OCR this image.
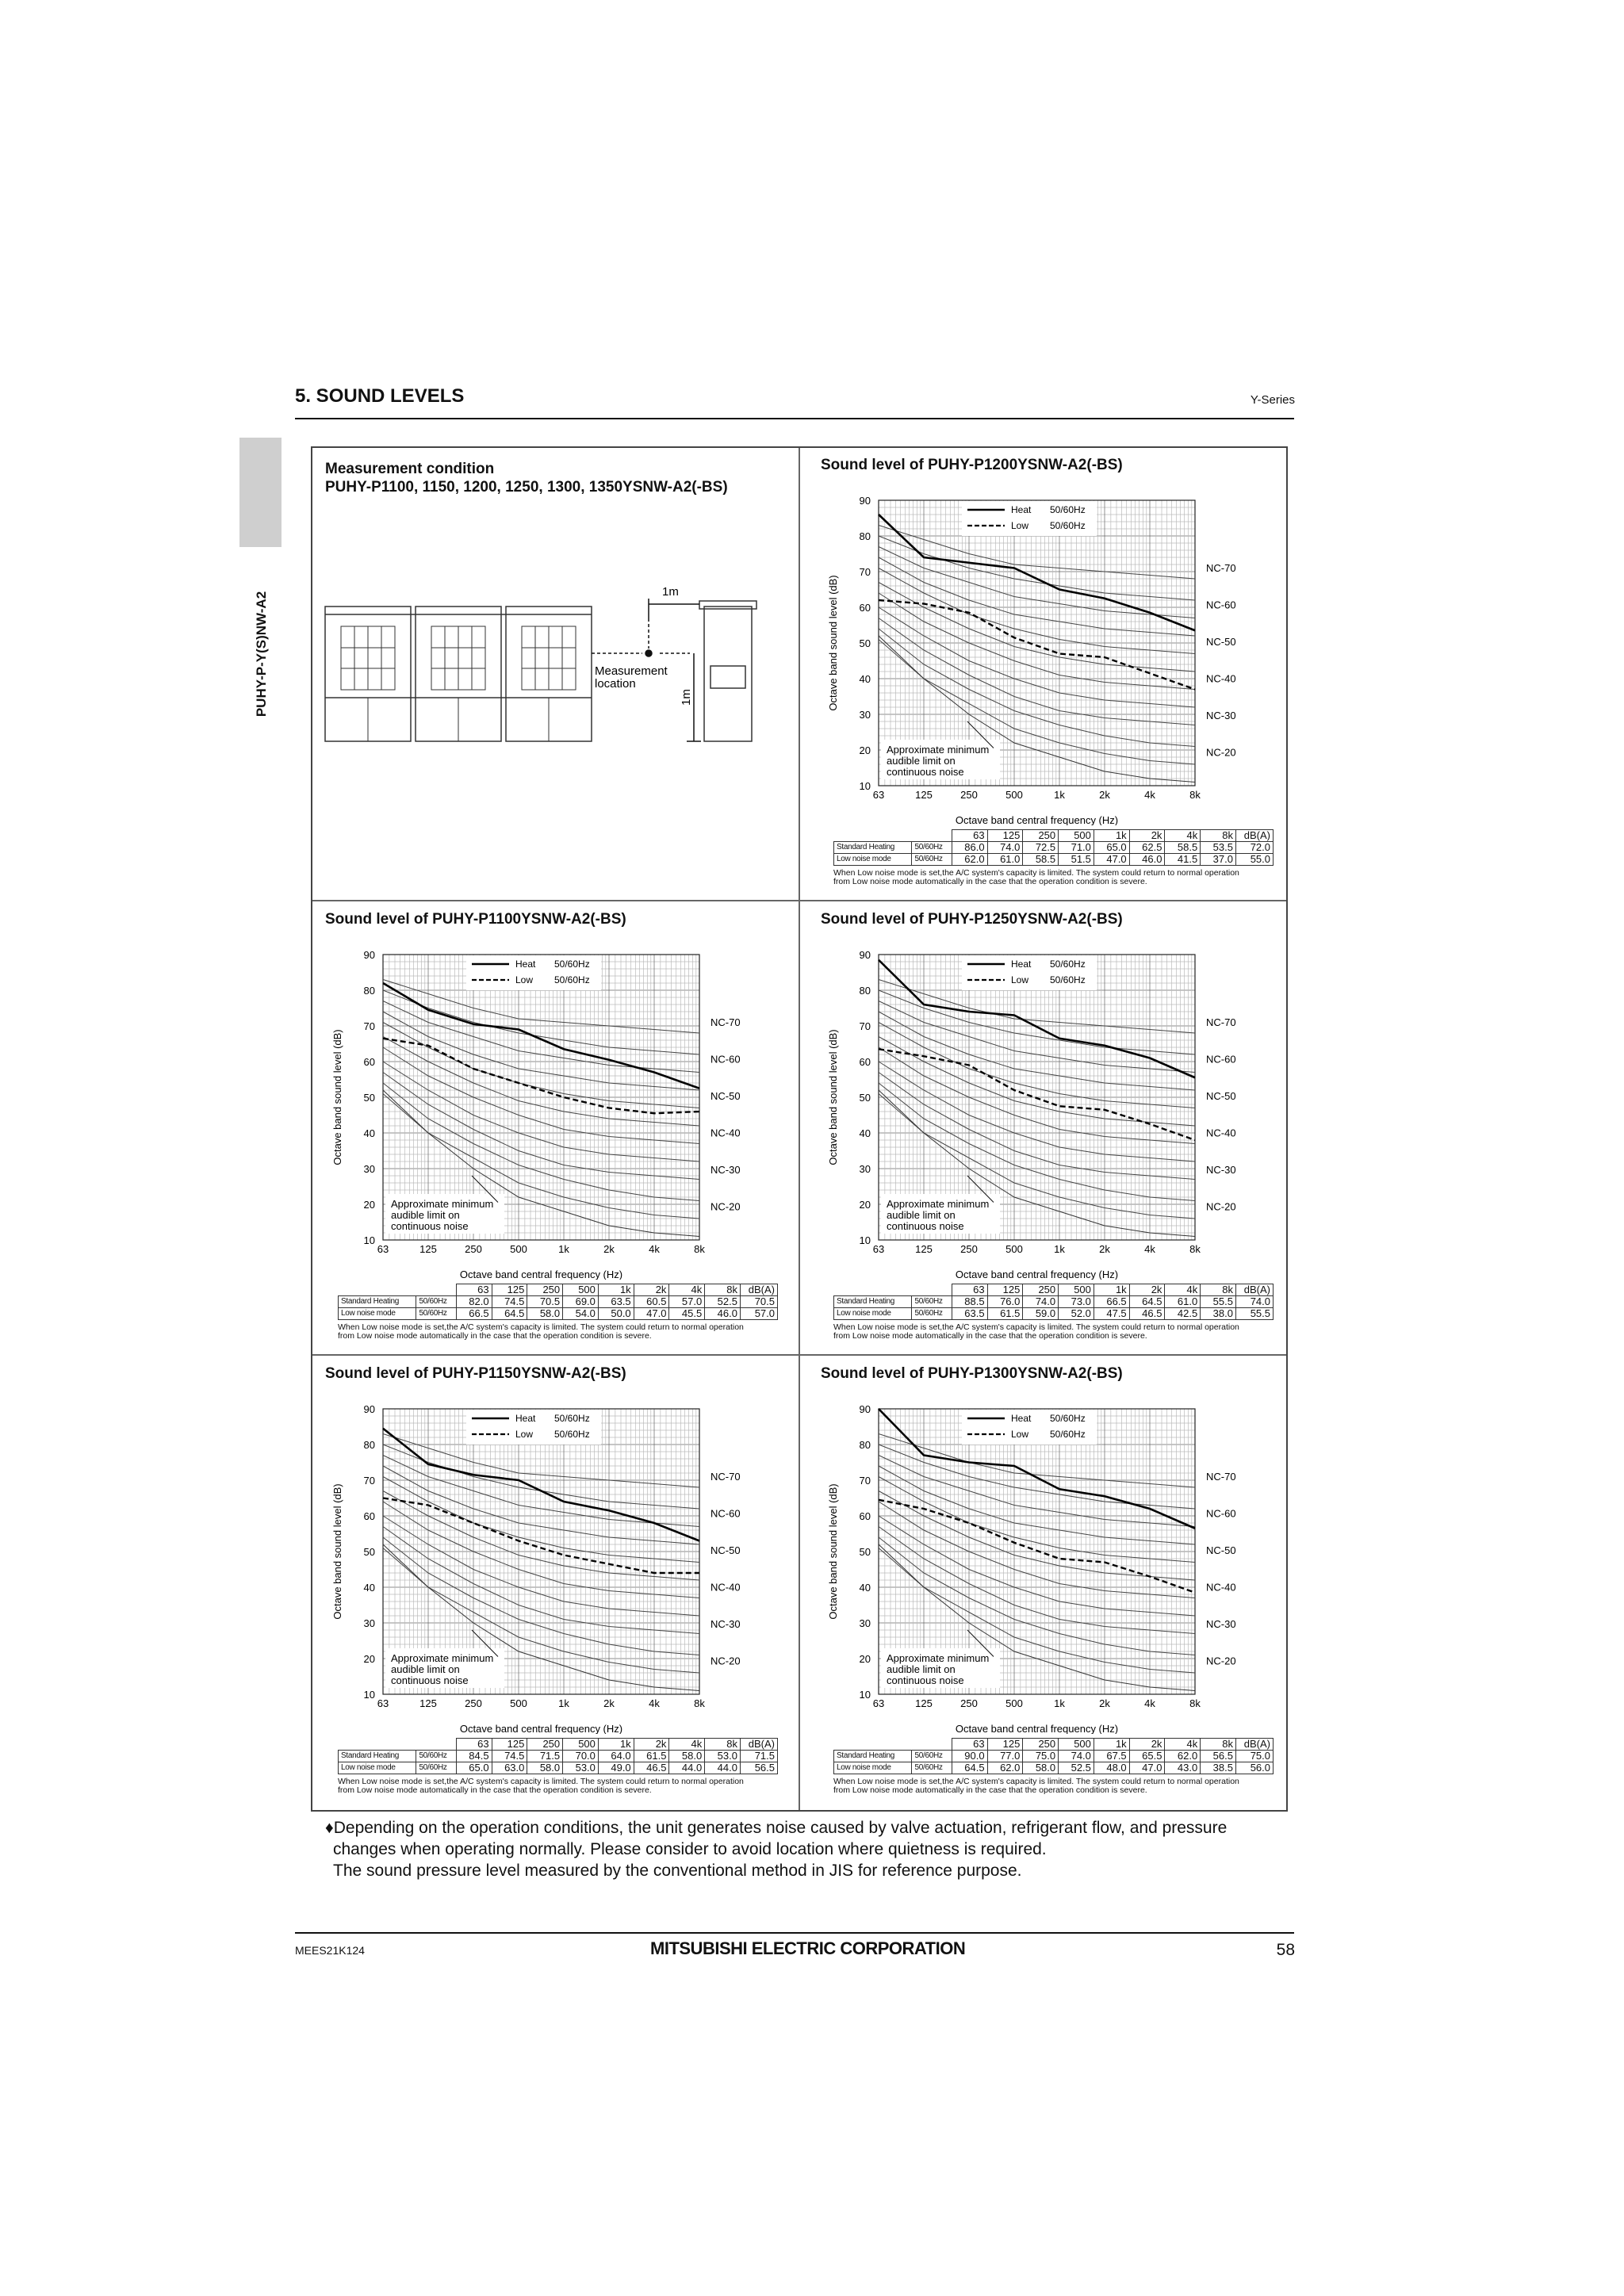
5. SOUND LEVELS	Y-Series
PUHY-P-Y(S)NW-A2
Measurement condition
PUHY-P1100, 1150, 1200, 1250, 1300, 1350YSNW-A2(-BS)
1m
1m
Measurement
location
Sound level of PUHY-P1200YSNW-A2(-BS)
10
20
30
40
50
60
70
80
90
63	125	250	500	1k	2k	4k	8k
Octave band sound level (dB)
Octave band central frequency (Hz)
NC-70
NC-60
NC-50
NC-40
NC-30
NC-20
Heat 50/60Hz
Low 50/60Hz
Approximate minimum
audible limit on
continuous noise
		63	125	250	500	1k	2k	4k	8k	dB(A)
Standard Heating	50/60Hz	86.0	74.0	72.5	71.0	65.0	62.5	58.5	53.5	72.0
Low noise mode	50/60Hz	62.0	61.0	58.5	51.5	47.0	46.0	41.5	37.0	55.0
When Low noise mode is set,the A/C system's capacity is limited. The system could return to normal operation
from Low noise mode automatically in the case that the operation condition is severe.
Sound level of PUHY-P1100YSNW-A2(-BS)
10
20
30
40
50
60
70
80
90
63	125	250	500	1k	2k	4k	8k
Octave band sound level (dB)
Octave band central frequency (Hz)
NC-70
NC-60
NC-50
NC-40
NC-30
NC-20
Heat 50/60Hz
Low 50/60Hz
Approximate minimum
audible limit on
continuous noise
		63	125	250	500	1k	2k	4k	8k	dB(A)
Standard Heating	50/60Hz	82.0	74.5	70.5	69.0	63.5	60.5	57.0	52.5	70.5
Low noise mode	50/60Hz	66.5	64.5	58.0	54.0	50.0	47.0	45.5	46.0	57.0
When Low noise mode is set,the A/C system's capacity is limited. The system could return to normal operation
from Low noise mode automatically in the case that the operation condition is severe.
Sound level of PUHY-P1250YSNW-A2(-BS)
10
20
30
40
50
60
70
80
90
63	125	250	500	1k	2k	4k	8k
Octave band sound level (dB)
Octave band central frequency (Hz)
NC-70
NC-60
NC-50
NC-40
NC-30
NC-20
Heat 50/60Hz
Low 50/60Hz
Approximate minimum
audible limit on
continuous noise
		63	125	250	500	1k	2k	4k	8k	dB(A)
Standard Heating	50/60Hz	88.5	76.0	74.0	73.0	66.5	64.5	61.0	55.5	74.0
Low noise mode	50/60Hz	63.5	61.5	59.0	52.0	47.5	46.5	42.5	38.0	55.5
When Low noise mode is set,the A/C system's capacity is limited. The system could return to normal operation
from Low noise mode automatically in the case that the operation condition is severe.
Sound level of PUHY-P1150YSNW-A2(-BS)
10
20
30
40
50
60
70
80
90
63	125	250	500	1k	2k	4k	8k
Octave band sound level (dB)
Octave band central frequency (Hz)
NC-70
NC-60
NC-50
NC-40
NC-30
NC-20
Heat 50/60Hz
Low 50/60Hz
Approximate minimum
audible limit on
continuous noise
		63	125	250	500	1k	2k	4k	8k	dB(A)
Standard Heating	50/60Hz	84.5	74.5	71.5	70.0	64.0	61.5	58.0	53.0	71.5
Low noise mode	50/60Hz	65.0	63.0	58.0	53.0	49.0	46.5	44.0	44.0	56.5
When Low noise mode is set,the A/C system's capacity is limited. The system could return to normal operation
from Low noise mode automatically in the case that the operation condition is severe.
Sound level of PUHY-P1300YSNW-A2(-BS)
10
20
30
40
50
60
70
80
90
63	125	250	500	1k	2k	4k	8k
Octave band sound level (dB)
Octave band central frequency (Hz)
NC-70
NC-60
NC-50
NC-40
NC-30
NC-20
Heat 50/60Hz
Low 50/60Hz
Approximate minimum
audible limit on
continuous noise
		63	125	250	500	1k	2k	4k	8k	dB(A)
Standard Heating	50/60Hz	90.0	77.0	75.0	74.0	67.5	65.5	62.0	56.5	75.0
Low noise mode	50/60Hz	64.5	62.0	58.0	52.5	48.0	47.0	43.0	38.5	56.0
When Low noise mode is set,the A/C system's capacity is limited. The system could return to normal operation
from Low noise mode automatically in the case that the operation condition is severe.
♦Depending on the operation conditions, the unit generates noise caused by valve actuation, refrigerant flow, and pressure
changes when operating normally. Please consider to avoid location where quietness is required.
The sound pressure level measured by the conventional method in JIS for reference purpose.
MEES21K124	MITSUBISHI ELECTRIC CORPORATION	58
